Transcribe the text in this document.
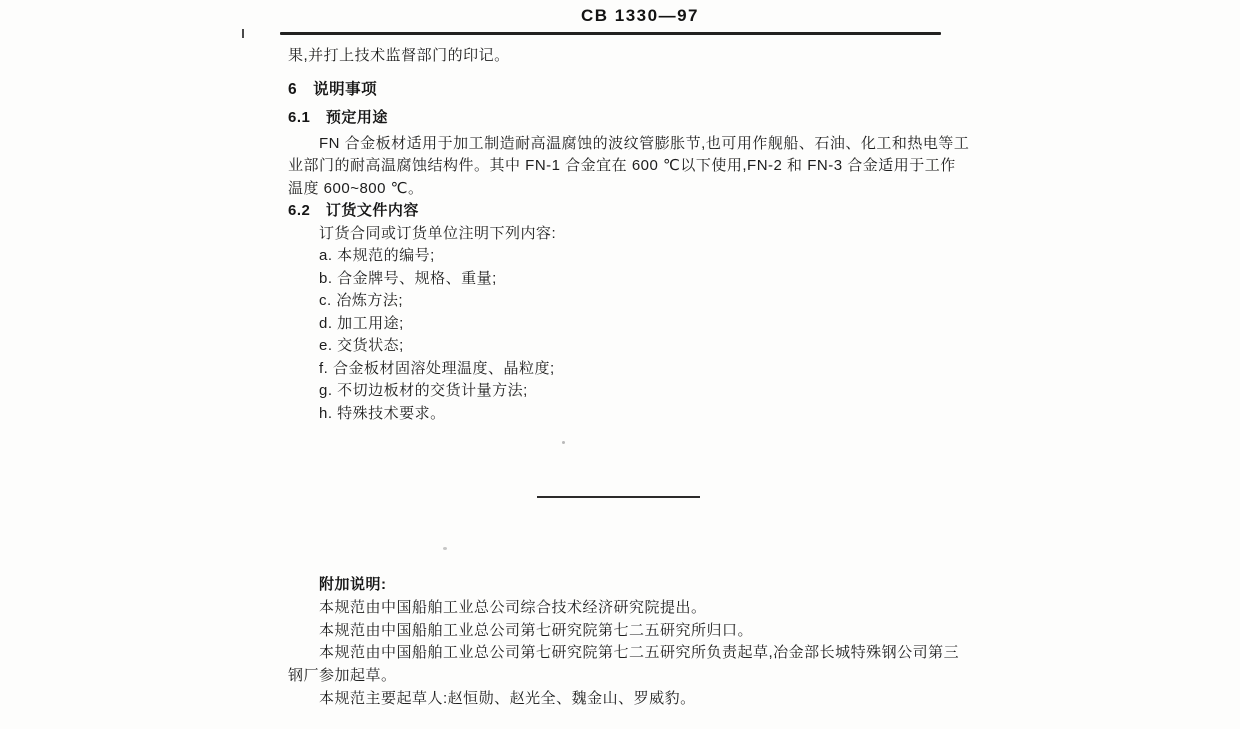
CB 1330—97
果,并打上技术监督部门的印记。
6　说明事项
6.1　预定用途
FN 合金板材适用于加工制造耐高温腐蚀的波纹管膨胀节,也可用作舰船、石油、化工和热电等工
业部门的耐高温腐蚀结构件。其中 FN-1 合金宜在 600 ℃以下使用,FN-2 和 FN-3 合金适用于工作
温度 600~800 ℃。
6.2　订货文件内容
订货合同或订货单位注明下列内容:
a. 本规范的编号;
b. 合金牌号、规格、重量;
c. 冶炼方法;
d. 加工用途;
e. 交货状态;
f. 合金板材固溶处理温度、晶粒度;
g. 不切边板材的交货计量方法;
h. 特殊技术要求。
附加说明:
本规范由中国船舶工业总公司综合技术经济研究院提出。
本规范由中国船舶工业总公司第七研究院第七二五研究所归口。
本规范由中国船舶工业总公司第七研究院第七二五研究所负责起草,冶金部长城特殊钢公司第三
钢厂参加起草。
本规范主要起草人:赵恒勋、赵光全、魏金山、罗威豹。
